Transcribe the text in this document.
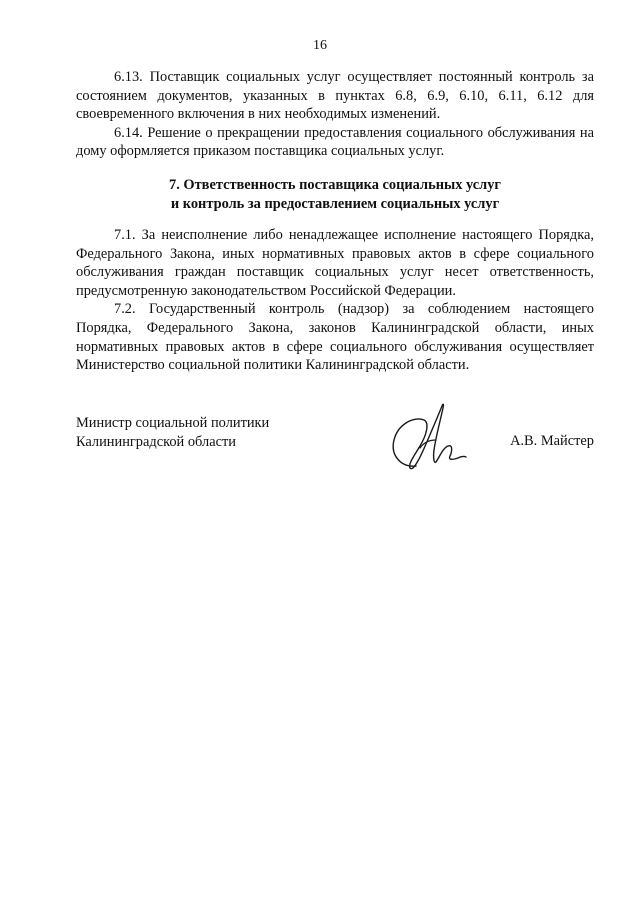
16

6.13. Поставщик социальных услуг осуществляет постоянный контроль за состоянием документов, указанных в пунктах 6.8, 6.9, 6.10, 6.11, 6.12 для своевременного включения в них необходимых изменений.

6.14. Решение о прекращении предоставления социального обслуживания на дому оформляется приказом поставщика социальных услуг.

7. Ответственность поставщика социальных услуг
и контроль за предоставлением социальных услуг

7.1. За неисполнение либо ненадлежащее исполнение настоящего Порядка, Федерального Закона, иных нормативных правовых актов в сфере социального обслуживания граждан поставщик социальных услуг несет ответственность, предусмотренную законодательством Российской Федерации.

7.2. Государственный контроль (надзор) за соблюдением настоящего Порядка, Федерального Закона, законов Калининградской области, иных нормативных правовых актов в сфере социального обслуживания осуществляет Министерство социальной политики Калининградской области.

Министр социальной политики
Калининградской области	А.В. Майстер
